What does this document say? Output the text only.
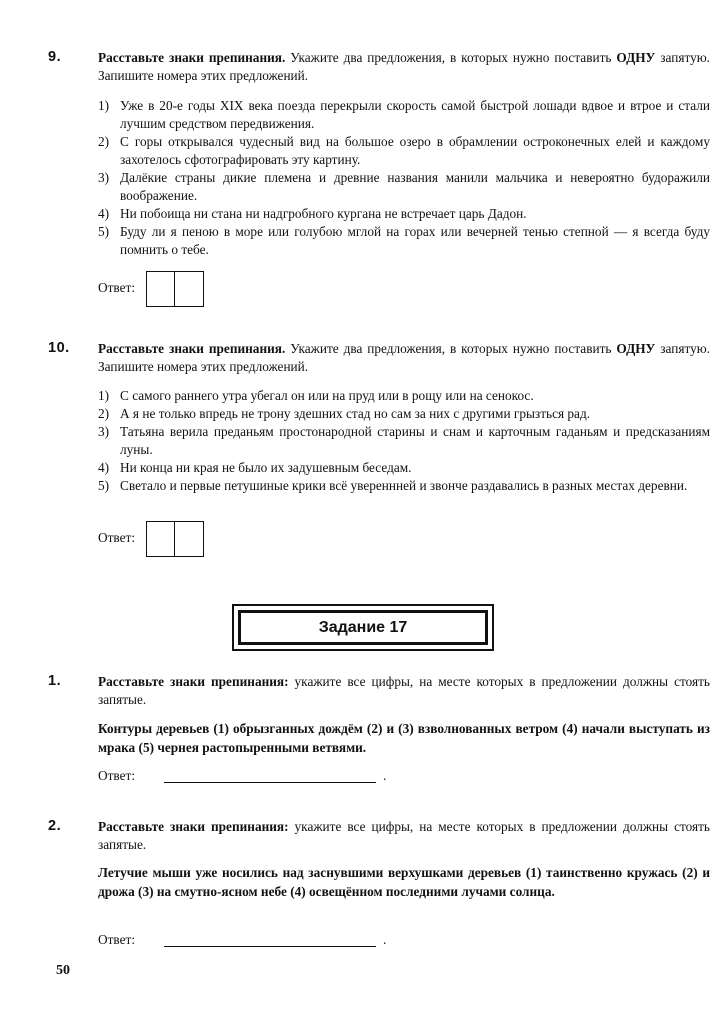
9.	Расставьте знаки препинания. Укажите два предложения, в которых нужно поставить ОДНУ запятую. Запишите номера этих предложений.
1) Уже в 20-е годы XIX века поезда перекрыли скорость самой быстрой лошади вдвое и втрое и стали лучшим средством передвижения.
2) С горы открывался чудесный вид на большое озеро в обрамлении остроконечных елей и каждому захотелось сфотографировать эту картину.
3) Далёкие страны дикие племена и древние названия манили мальчика и невероятно будоражили воображение.
4) Ни побоища ни стана ни надгробного кургана не встречает царь Дадон.
5) Буду ли я пеною в море или голубою мглой на горах или вечерней тенью степной — я всегда буду помнить о тебе.
Ответ:
10. Расставьте знаки препинания. Укажите два предложения, в которых нужно поставить ОДНУ запятую. Запишите номера этих предложений.
1) С самого раннего утра убегал он или на пруд или в рощу или на сенокос.
2) А я не только впредь не трону здешних стад но сам за них с другими грызться рад.
3) Татьяна верила преданьям простонародной старины и снам и карточным гаданьям и предсказаниям луны.
4) Ни конца ни края не было их задушевным беседам.
5) Светало и первые петушиные крики всё увереннней и звонче раздавались в разных местах деревни.
Ответ:
Задание 17
1.	Расставьте знаки препинания: укажите все цифры, на месте которых в предложении должны стоять запятые.
Контуры деревьев (1) обрызганных дождём (2) и (3) взволнованных ветром (4) начали выступать из мрака (5) чернея растопыренными ветвями.
Ответ:	.
2.	Расставьте знаки препинания: укажите все цифры, на месте которых в предложении должны стоять запятые.
Летучие мыши уже носились над заснувшими верхушками деревьев (1) таинственно кружась (2) и дрожа (3) на смутно-ясном небе (4) освещённом последними лучами солнца.
Ответ:	.
50
